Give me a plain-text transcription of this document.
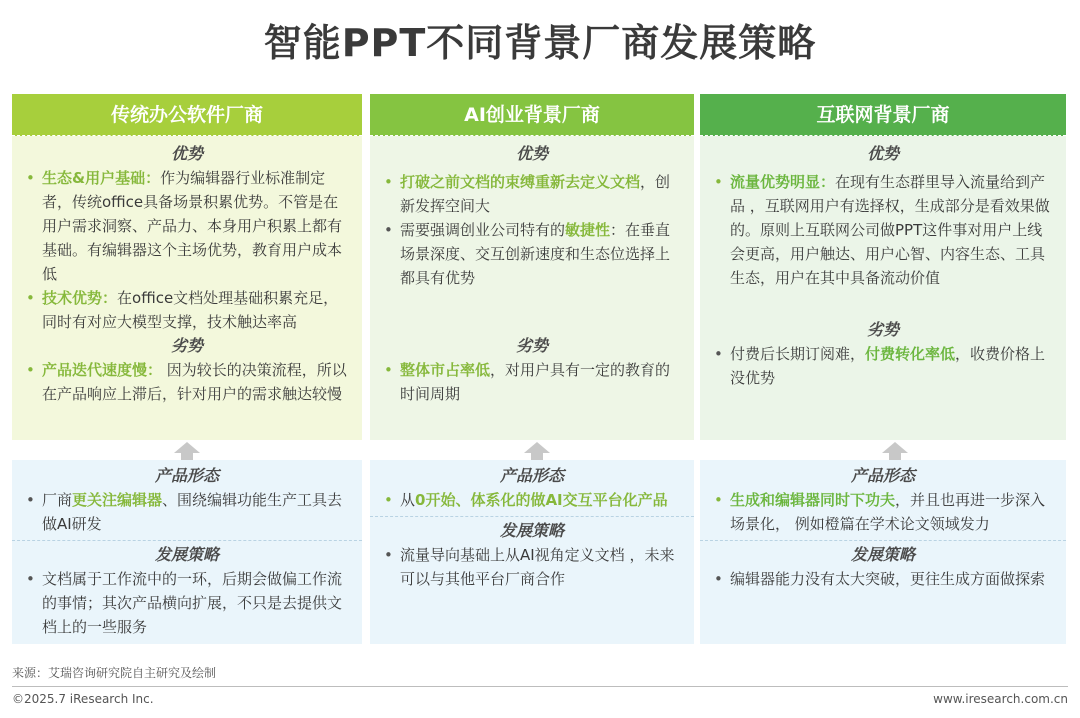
智能PPT不同背景厂商发展策略
传统办公软件厂商
优势
• 生态&用户基础：作为编辑器行业标准制定者，传统office具备场景积累优势。不管是在用户需求洞察、产品力、本身用户积累上都有基础。有编辑器这个主场优势，教育用户成本低
• 技术优势：在office文档处理基础积累充足，同时有对应大模型支撑，技术触达率高
劣势
• 产品迭代速度慢： 因为较长的决策流程，所以在产品响应上滞后，针对用户的需求触达较慢
产品形态
• 厂商更关注编辑器、围绕编辑功能生产工具去做AI研发
发展策略
• 文档属于工作流中的一环，后期会做偏工作流的事情；其次产品横向扩展，不只是去提供文档上的一些服务
AI创业背景厂商
优势
• 打破之前文档的束缚重新去定义文档，创新发挥空间大
• 需要强调创业公司特有的敏捷性：在垂直场景深度、交互创新速度和生态位选择上都具有优势
劣势
• 整体市占率低，对用户具有一定的教育的时间周期
产品形态
• 从0开始、体系化的做AI交互平台化产品
发展策略
• 流量导向基础上从AI视角定义文档 ，未来可以与其他平台厂商合作
互联网背景厂商
优势
• 流量优势明显：在现有生态群里导入流量给到产品 ，互联网用户有选择权，生成部分是看效果做的。原则上互联网公司做PPT这件事对用户上线会更高，用户触达、用户心智、内容生态、工具生态，用户在其中具备流动价值
劣势
• 付费后长期订阅难，付费转化率低，收费价格上没优势
产品形态
• 生成和编辑器同时下功夫，并且也再进一步深入场景化， 例如橙篇在学术论文领域发力
发展策略
• 编辑器能力没有太大突破，更往生成方面做探索
来源：艾瑞咨询研究院自主研究及绘制
©2025.7 iResearch Inc.	www.iresearch.com.cn
